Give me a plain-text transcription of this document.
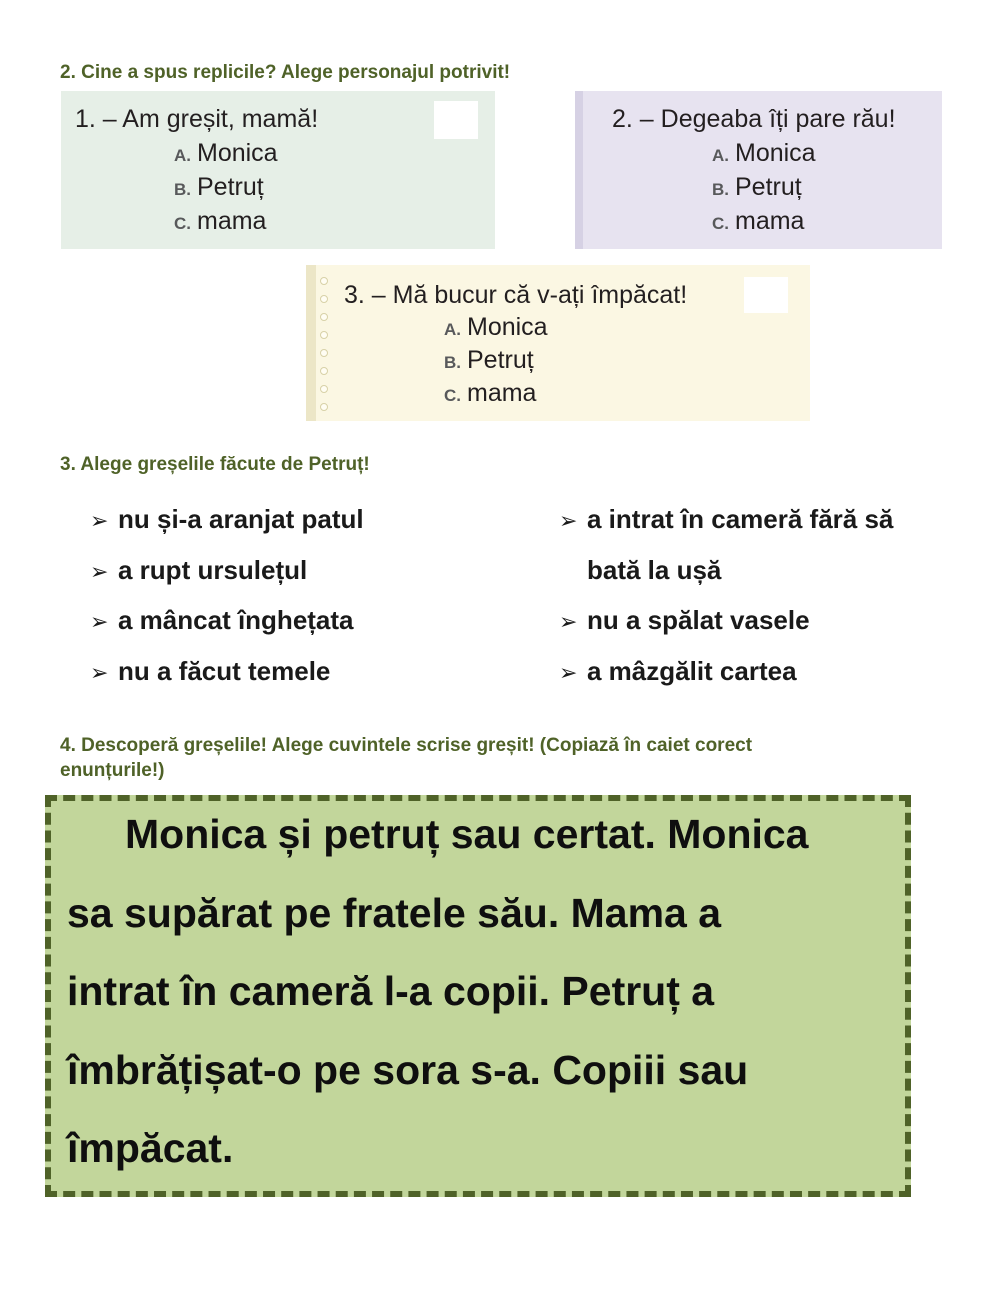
2. Cine a spus replicile? Alege personajul potrivit!
1. – Am greșit, mamă!
A. Monica
B. Petruț
C. mama
2. – Degeaba îți pare rău!
A. Monica
B. Petruț
C. mama
3. – Mă bucur că v-ați împăcat!
A. Monica
B. Petruț
C. mama
3. Alege greșelile făcute de Petruț!
➢ nu și-a aranjat patul
➢ a rupt ursulețul
➢ a mâncat înghețata
➢ nu a făcut temele
➢ a intrat în cameră fără să
bată la ușă
➢ nu a spălat vasele
➢ a mâzgălit cartea
4. Descoperă greșelile! Alege cuvintele scrise greșit! (Copiază în caiet corect
enunțurile!)
Monica și petruț sau certat. Monica
sa supărat pe fratele său. Mama a
intrat în cameră l-a copii. Petruț a
îmbrățișat-o pe sora s-a. Copiii sau
împăcat.
